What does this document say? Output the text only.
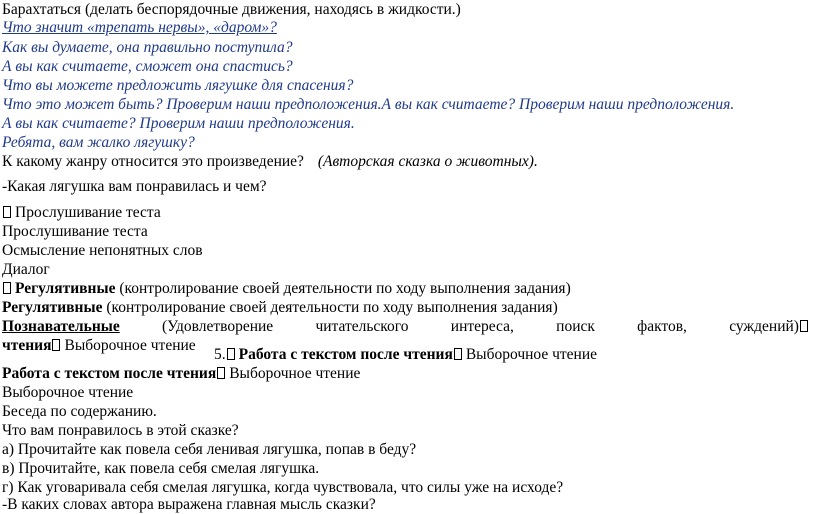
Барахтаться (делать беспорядочные движения, находясь в жидкости.)
Что значит «трепать нервы», «даром»?
Как вы думаете, она правильно поступила?
А вы как считаете, сможет она спастись?
Что вы можете предложить лягушке для спасения?
Что это может быть? Проверим наши предположения.А вы как считаете? Проверим наши предположения.
А вы как считаете? Проверим наши предположения.
Ребята, вам жалко лягушку?
К какому жанру относится это произведение? (Авторская сказка о животных).
-Какая лягушка вам понравилась и чем?
Прослушивание теста
Прослушивание теста
Осмысление непонятных слов
Диалог
Регулятивные (контролирование своей деятельности по ходу выполнения задания)
Регулятивные (контролирование своей деятельности по ходу выполнения задания)
Познавательные	(Удовлетворение	читательского	интереса,	поиск	фактов,	суждений)
чтения Выборочное чтение
5. Работа с текстом после чтения Выборочное чтение
Работа с текстом после чтения Выборочное чтение
Выборочное чтение
Беседа по содержанию.
Что вам понравилось в этой сказке?
а) Прочитайте как повела себя ленивая лягушка, попав в беду?
в) Прочитайте, как повела себя смелая лягушка.
г) Как уговаривала себя смелая лягушка, когда чувствовала, что силы уже на исходе?
-В каких словах автора выражена главная мысль сказки?
